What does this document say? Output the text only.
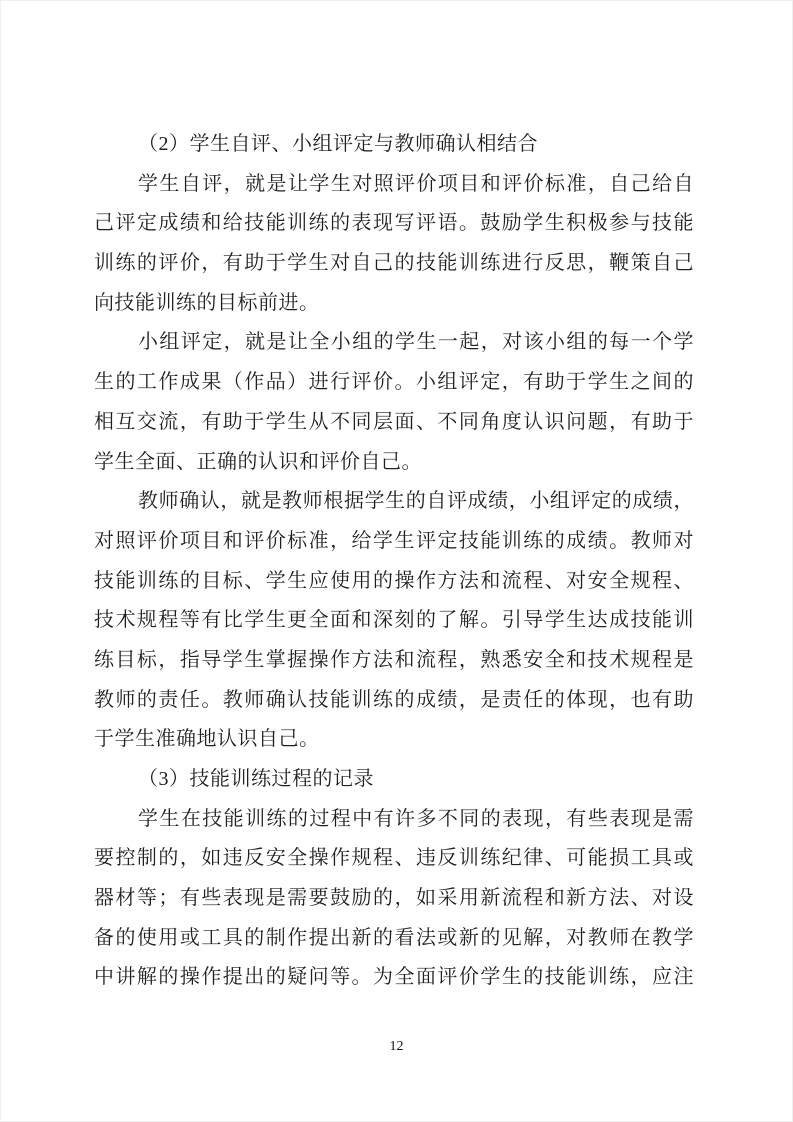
（2）学生自评、小组评定与教师确认相结合
学生自评，就是让学生对照评价项目和评价标准，自己给自
己评定成绩和给技能训练的表现写评语。鼓励学生积极参与技能
训练的评价，有助于学生对自己的技能训练进行反思，鞭策自己
向技能训练的目标前进。
小组评定，就是让全小组的学生一起，对该小组的每一个学
生的工作成果（作品）进行评价。小组评定，有助于学生之间的
相互交流，有助于学生从不同层面、不同角度认识问题，有助于
学生全面、正确的认识和评价自己。
教师确认，就是教师根据学生的自评成绩，小组评定的成绩，
对照评价项目和评价标准，给学生评定技能训练的成绩。教师对
技能训练的目标、学生应使用的操作方法和流程、对安全规程、
技术规程等有比学生更全面和深刻的了解。引导学生达成技能训
练目标，指导学生掌握操作方法和流程，熟悉安全和技术规程是
教师的责任。教师确认技能训练的成绩，是责任的体现，也有助
于学生准确地认识自己。
（3）技能训练过程的记录
学生在技能训练的过程中有许多不同的表现，有些表现是需
要控制的，如违反安全操作规程、违反训练纪律、可能损工具或
器材等；有些表现是需要鼓励的，如采用新流程和新方法、对设
备的使用或工具的制作提出新的看法或新的见解，对教师在教学
中讲解的操作提出的疑问等。为全面评价学生的技能训练，应注
12
